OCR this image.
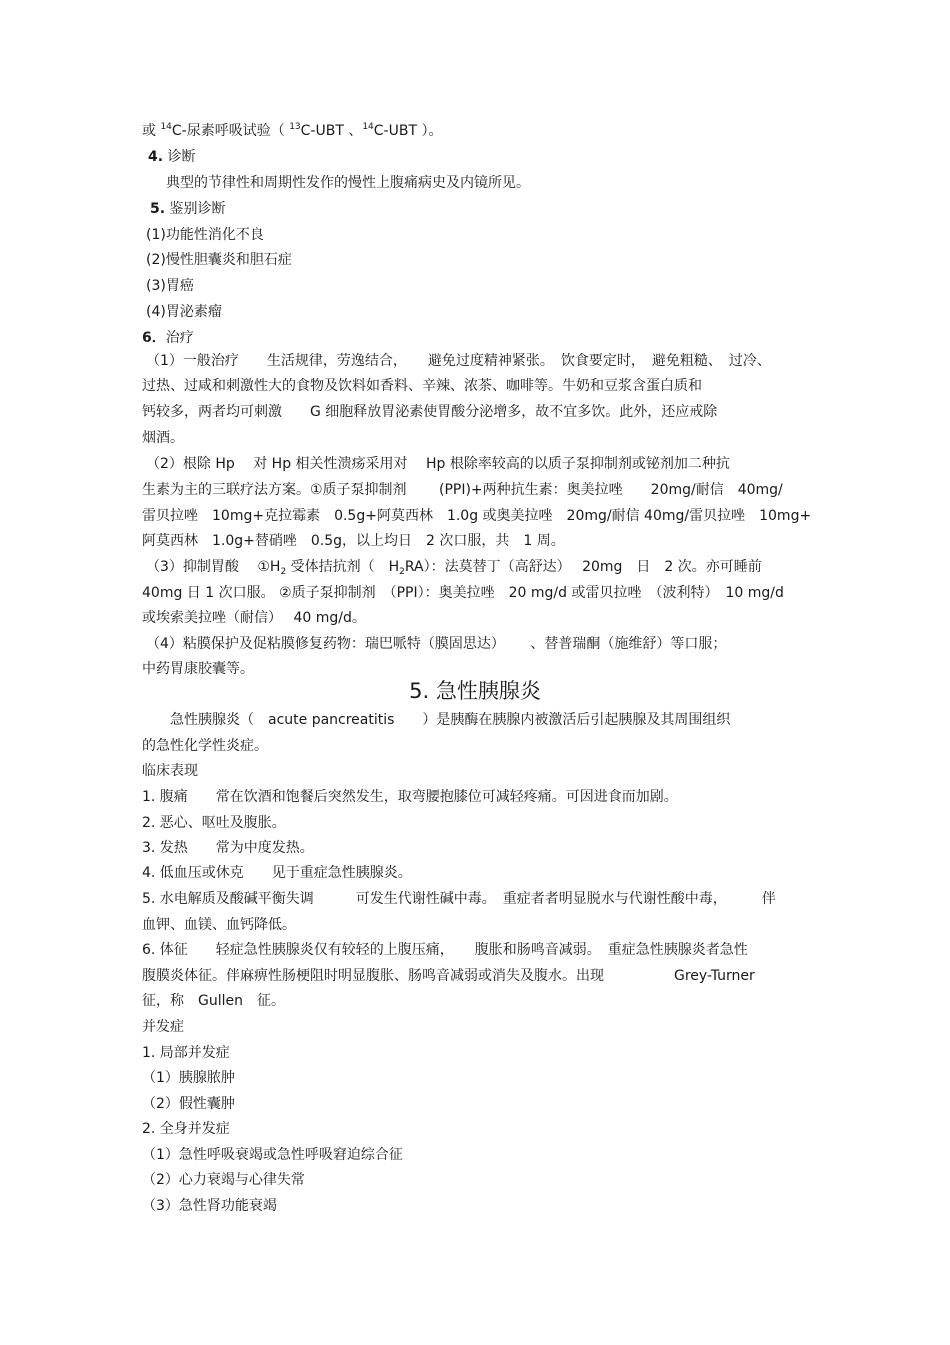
或 $^{14}$C-尿素呼吸试验（ $^{13}$C-UBT 、$^{14}$C-UBT ）。
4. 诊断
典型的节律性和周期性发作的慢性上腹痛病史及内镜所见。
5. 鉴别诊断
(1)功能性消化不良
(2)慢性胆囊炎和胆石症
(3)胃癌
(4)胃泌素瘤
6．治疗
（1）一般治疗　　生活规律，劳逸结合，　　避免过度精神紧张。　饮食要定时，　避免粗糙、　过冷、
过热、过咸和刺激性大的食物及饮料如香料、辛辣、浓茶、咖啡等。牛奶和豆浆含蛋白质和
钙较多，两者均可刺激　　G 细胞释放胃泌素使胃酸分泌增多，故不宜多饮。此外，还应戒除
烟酒。
（2）根除 Hp　 对 Hp 相关性溃疡采用对　 Hp 根除率较高的以质子泵抑制剂或铋剂加二种抗
生素为主的三联疗法方案。①质子泵抑制剂　　 (PPI)+两种抗生素：奥美拉唑　　20mg/耐信　40mg/
雷贝拉唑　10mg+克拉霉素　0.5g+阿莫西林　1.0g 或奥美拉唑　20mg/耐信 40mg/雷贝拉唑　10mg+
阿莫西林　1.0g+替硝唑　0.5g，以上均日　2 次口服，共　1 周。
（3）抑制胃酸　 $①H_2$ 受体拮抗剂（　$H_2RA$）：法莫替丁（高舒达）　 20mg　日　2 次。亦可睡前
40mg 日 1 次口服。 ②质子泵抑制剂　（PPI）：奥美拉唑　20 mg/d 或雷贝拉唑　（波利特）　10 mg/d
或埃索美拉唑（耐信）　 40 mg/d。
（4）粘膜保护及促粘膜修复药物：瑞巴哌特（膜固思达）　　 、替普瑞酮（施维舒）等口服；
中药胃康胶囊等。
5. 急性胰腺炎
　　急性胰腺炎（　acute pancreatitis　　）是胰酶在胰腺内被激活后引起胰腺及其周围组织
的急性化学性炎症。
临床表现
1. 腹痛　　常在饮酒和饱餐后突然发生，取弯腰抱膝位可减轻疼痛。可因进食而加剧。
2. 恶心、呕吐及腹胀。
3. 发热　　常为中度发热。
4. 低血压或休克　　见于重症急性胰腺炎。
5. 水电解质及酸碱平衡失调　　　可发生代谢性碱中毒。　重症者者明显脱水与代谢性酸中毒，　　　伴
血钾、血镁、血钙降低。
6. 体征　　轻症急性胰腺炎仅有较轻的上腹压痛，　　腹胀和肠鸣音减弱。　重症急性胰腺炎者急性
腹膜炎体征。伴麻痹性肠梗阻时明显腹胀、肠鸣音减弱或消失及腹水。出现　　　　　Grey-Turner
征，称　Gullen　征。
并发症
1. 局部并发症
（1）胰腺脓肿
（2）假性囊肿
2. 全身并发症
（1）急性呼吸衰竭或急性呼吸窘迫综合征
（2）心力衰竭与心律失常
（3）急性肾功能衰竭
